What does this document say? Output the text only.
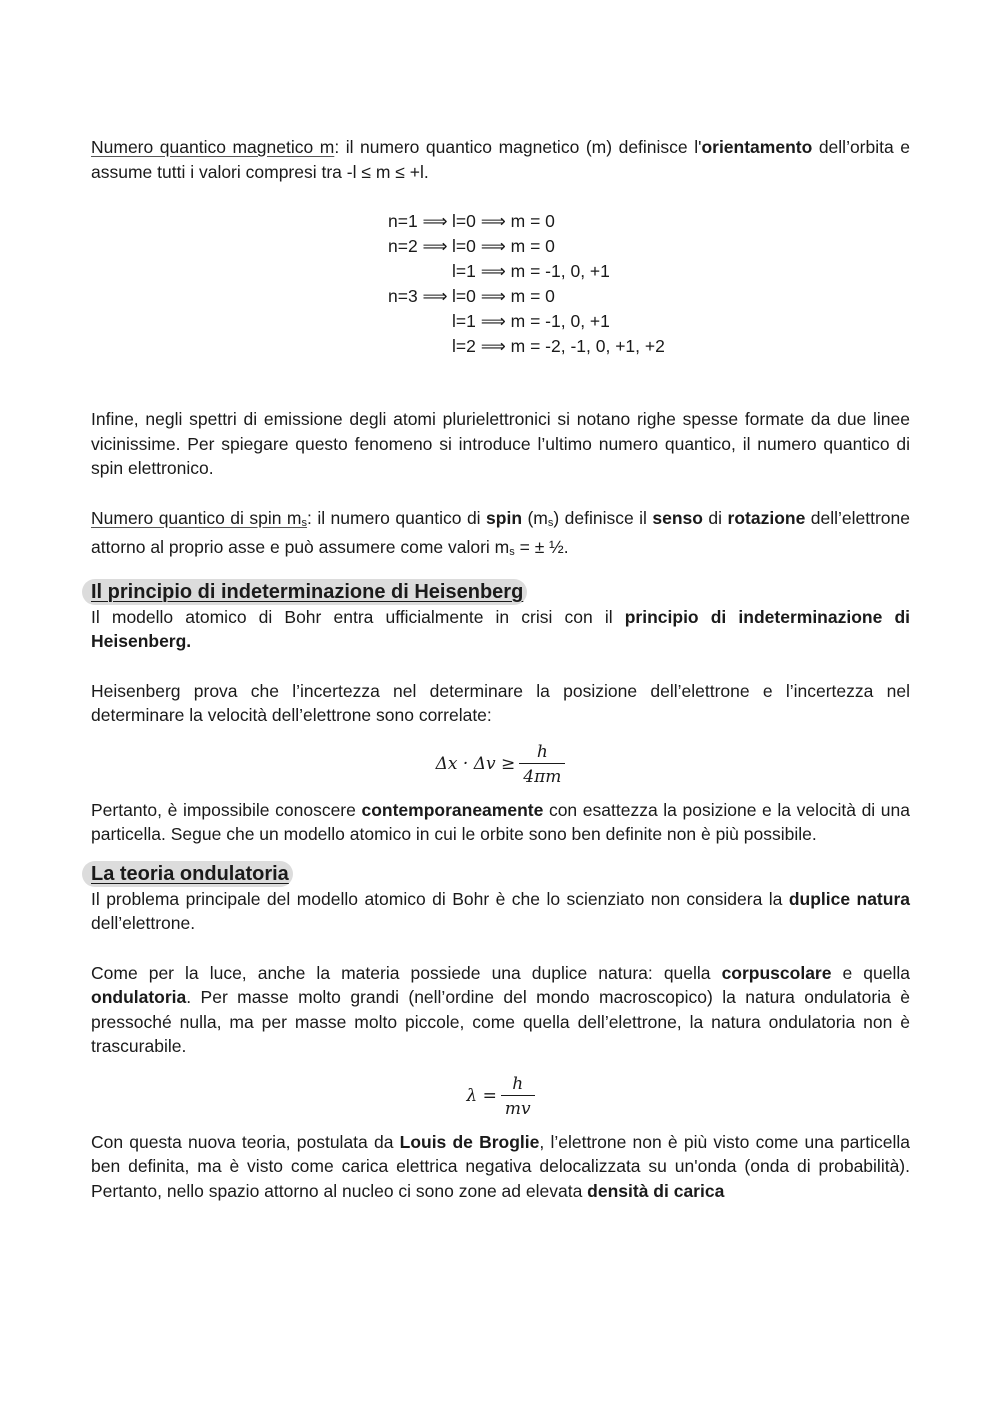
Numero quantico magnetico m: il numero quantico magnetico (m) definisce l'orientamento dell’orbita e assume tutti i valori compresi tra -l ≤ m ≤ +l.

n=1 ⟹ l=0 ⟹ m = 0
n=2 ⟹ l=0 ⟹ m = 0
l=1 ⟹ m = -1, 0, +1
n=3 ⟹ l=0 ⟹ m = 0
l=1 ⟹ m = -1, 0, +1
l=2 ⟹ m = -2, -1, 0, +1, +2

Infine, negli spettri di emissione degli atomi plurielettronici si notano righe spesse formate da due linee vicinissime. Per spiegare questo fenomeno si introduce l’ultimo numero quantico, il numero quantico di spin elettronico.

Numero quantico di spin ms: il numero quantico di spin (ms) definisce il senso di rotazione dell’elettrone attorno al proprio asse e può assumere come valori ms = ± ½.

Il principio di indeterminazione di Heisenberg

Il modello atomico di Bohr entra ufficialmente in crisi con il principio di indeterminazione di Heisenberg.

Heisenberg prova che l’incertezza nel determinare la posizione dell’elettrone e l’incertezza nel determinare la velocità dell’elettrone sono correlate:

$\Delta x \cdot \Delta v \ge \frac{h}{4\pi m}$

Pertanto, è impossibile conoscere contemporaneamente con esattezza la posizione e la velocità di una particella. Segue che un modello atomico in cui le orbite sono ben definite non è più possibile.

La teoria ondulatoria

Il problema principale del modello atomico di Bohr è che lo scienziato non considera la duplice natura dell’elettrone.

Come per la luce, anche la materia possiede una duplice natura: quella corpuscolare e quella ondulatoria. Per masse molto grandi (nell’ordine del mondo macroscopico) la natura ondulatoria è pressoché nulla, ma per masse molto piccole, come quella dell’elettrone, la natura ondulatoria non è trascurabile.

$\lambda = \frac{h}{mv}$

Con questa nuova teoria, postulata da Louis de Broglie, l’elettrone non è più visto come una particella ben definita, ma è visto come carica elettrica negativa delocalizzata su un'onda (onda di probabilità). Pertanto, nello spazio attorno al nucleo ci sono zone ad elevata densità di carica
